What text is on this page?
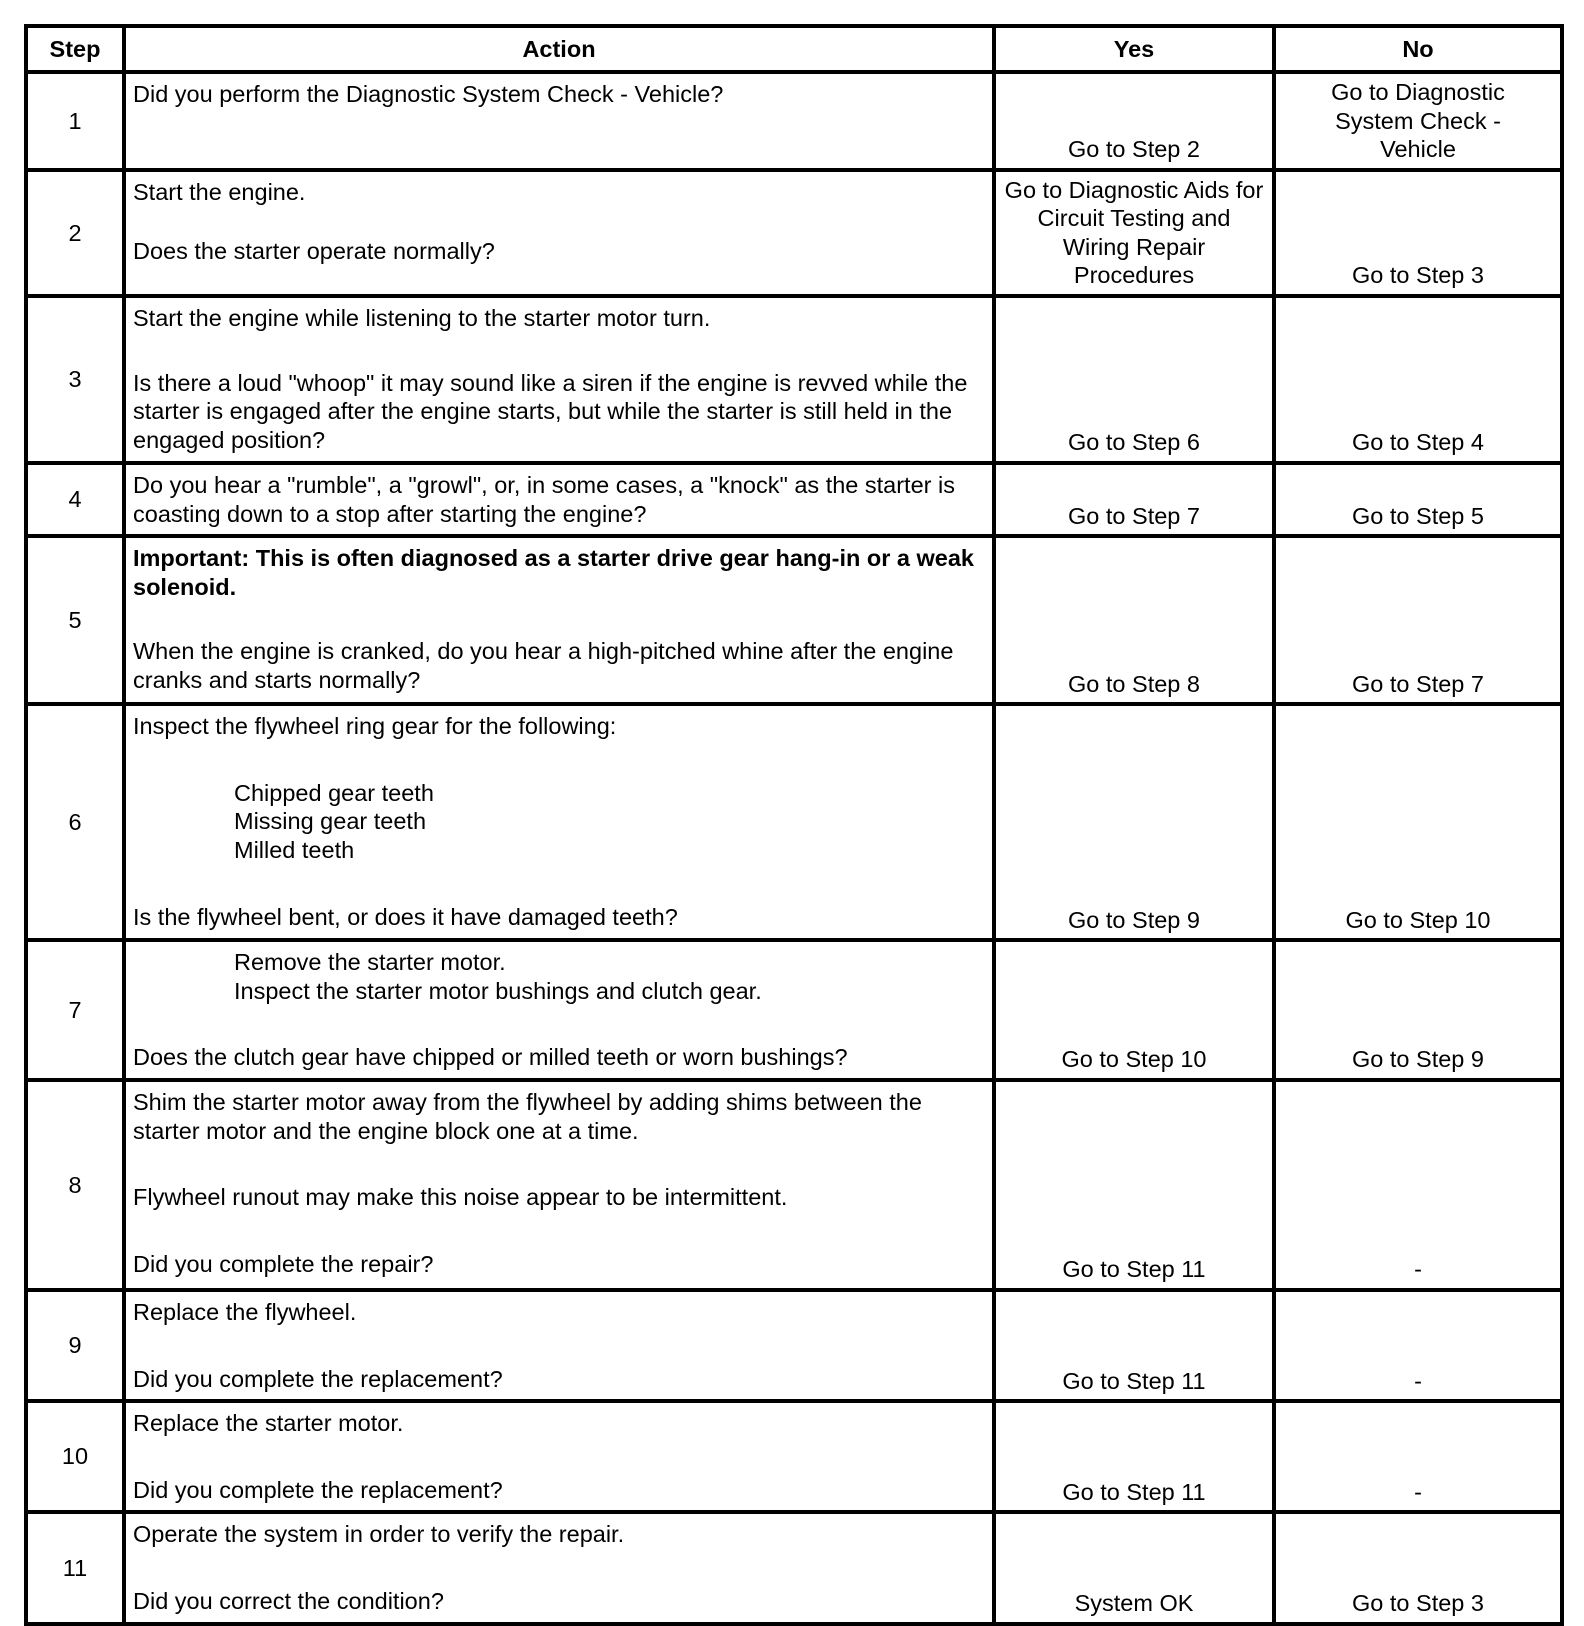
Step	Action	Yes	No
1	Did you perform the Diagnostic System Check - Vehicle?	Go to Step 2	Go to Diagnostic System Check - Vehicle
2	Start the engine.
Does the starter operate normally?	Go to Diagnostic Aids for Circuit Testing and Wiring Repair Procedures	Go to Step 3
3	Start the engine while listening to the starter motor turn.
Is there a loud "whoop" it may sound like a siren if the engine is revved while the starter is engaged after the engine starts, but while the starter is still held in the engaged position?	Go to Step 6	Go to Step 4
4	Do you hear a "rumble", a "growl", or, in some cases, a "knock" as the starter is coasting down to a stop after starting the engine?	Go to Step 7	Go to Step 5
5	Important: This is often diagnosed as a starter drive gear hang-in or a weak solenoid.
When the engine is cranked, do you hear a high-pitched whine after the engine cranks and starts normally?	Go to Step 8	Go to Step 7
6	Inspect the flywheel ring gear for the following:
Chipped gear teeth
Missing gear teeth
Milled teeth
Is the flywheel bent, or does it have damaged teeth?	Go to Step 9	Go to Step 10
7	Remove the starter motor.
Inspect the starter motor bushings and clutch gear.
Does the clutch gear have chipped or milled teeth or worn bushings?	Go to Step 10	Go to Step 9
8	Shim the starter motor away from the flywheel by adding shims between the starter motor and the engine block one at a time.
Flywheel runout may make this noise appear to be intermittent.
Did you complete the repair?	Go to Step 11	-
9	Replace the flywheel.
Did you complete the replacement?	Go to Step 11	-
10	Replace the starter motor.
Did you complete the replacement?	Go to Step 11	-
11	Operate the system in order to verify the repair.
Did you correct the condition?	System OK	Go to Step 3
